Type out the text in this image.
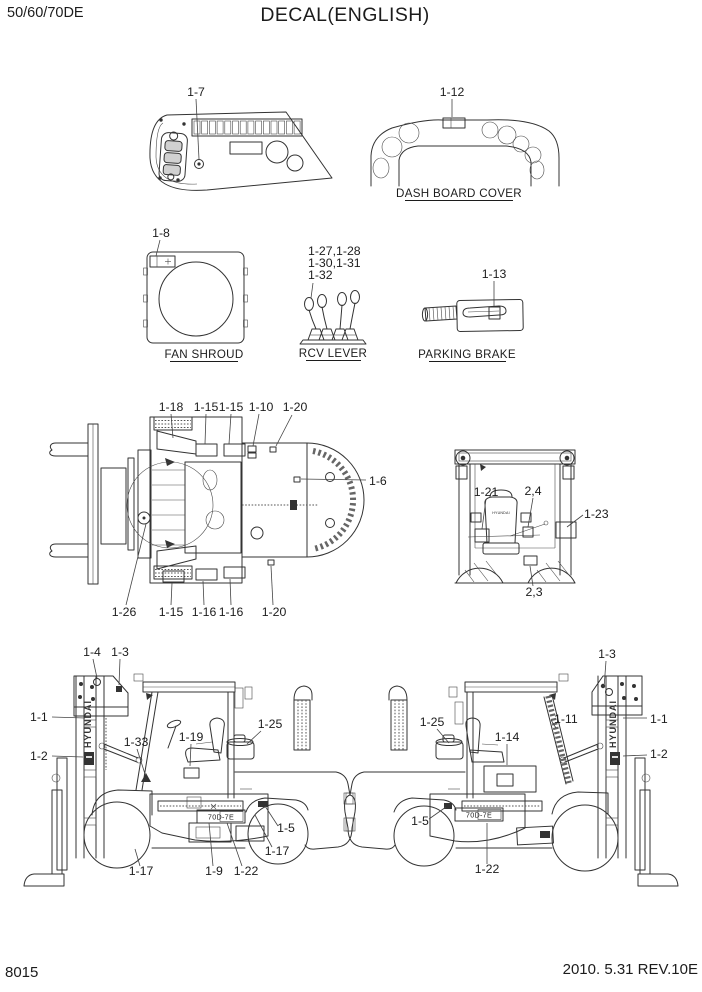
50/60/70DE	DECAL(ENGLISH)
1-7	1-12
DASH BOARD COVER
1-8
FAN SHROUD
1-27,1-28
1-30,1-31
1-32
RCV LEVER
1-13
PARKING BRAKE
1-18 1-15 1-15 1-10 1-20
1-6
1-26 1-15 1-16 1-16 1-20
HYUNDAI
1-21 2,4
1-23
2,3
HYUNDAI
70D-7E
1-4 1-3
1-1
1-2
1-33 1-19
1-25
1-5
1-17
1-17	1-9 1-22
HYUNDAI
70D-7E
1-3
1-25
1-14
1-11	1-1
1-2
1-5
1-22
8015	2010. 5.31 REV.10E
